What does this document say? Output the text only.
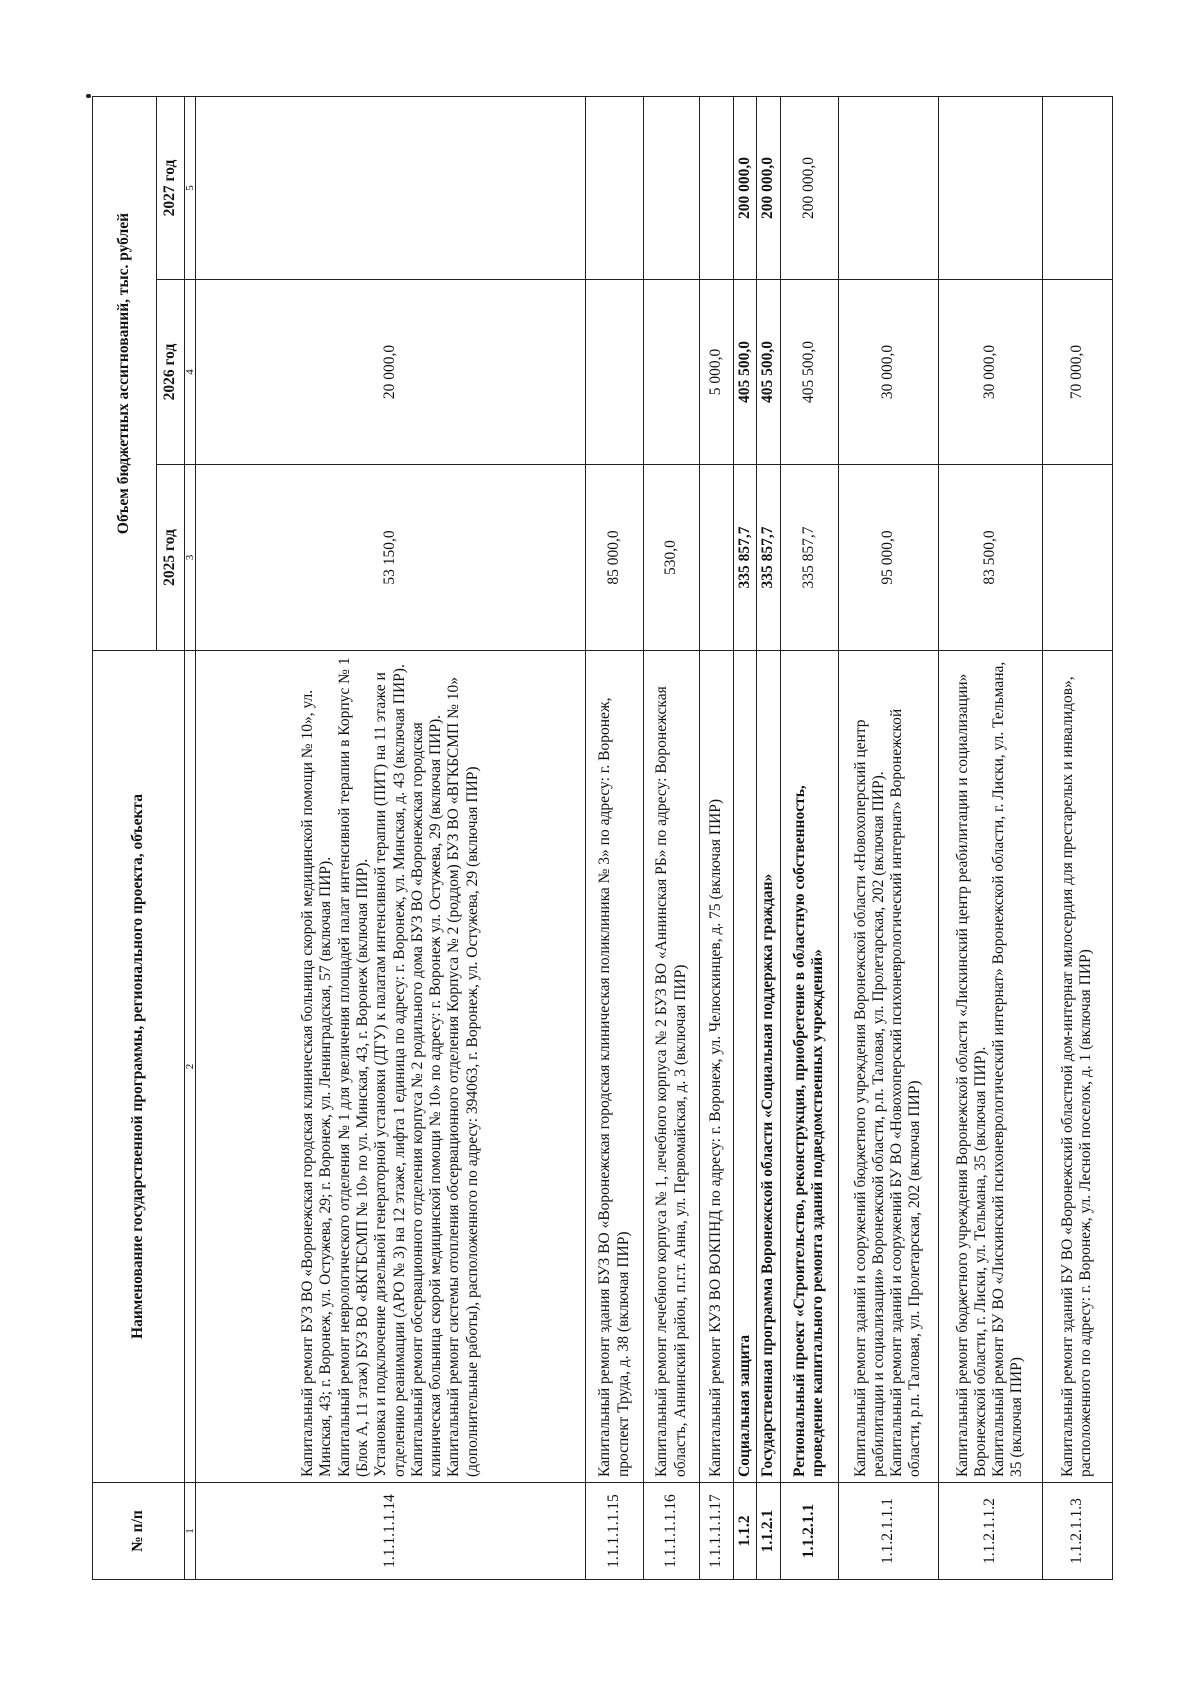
№ п/п	Наименование государственной программы, регионального проекта, объекта	Объем бюджетных ассигнований, тыс. рублей		
		2025 год	2026 год	2027 год
1	2	3	4	5
1.1.1.1.1.14	Капитальный ремонт БУЗ ВО «Воронежская городская клиническая больница скорой медицинской помощи № 10», ул. Минская, 43; г. Воронеж, ул. Остужева, 29; г. Воронеж, ул. Ленинградская, 57 (включая ПИР). Капитальный ремонт неврологического отделения № 1 для увеличения площадей палат интенсивной терапии в Корпус № 1 (Блок А, 11 этаж) БУЗ ВО «ВКГБСМП № 10» по ул. Минская, 43, г. Воронеж (включая ПИР). Установка и подключение дизельной генераторной установки (ДГУ) к палатам интенсивной терапии (ПИТ) на 11 этаже и отделению реанимации (АРО № 3) на 12 этаже, лифта 1 единица по адресу: г. Воронеж, ул. Минская, д. 43 (включая ПИР). Капитальный ремонт обсервационного отделения корпуса № 2 родильного дома БУЗ ВО «Воронежская городская клиническая больница скорой медицинской помощи № 10» по адресу: г. Воронеж ул. Остужева, 29 (включая ПИР). Капитальный ремонт системы отопления обсервационного отделения Корпуса № 2 (роддом) БУЗ ВО «ВГКБСМП № 10» (дополнительные работы), расположенного по адресу: 394063, г. Воронеж, ул. Остужева, 29 (включая ПИР)	53 150,0	20 000,0	
1.1.1.1.1.15	Капитальный ремонт здания БУЗ ВО «Воронежская городская клиническая поликлиника № 3» по адресу: г. Воронеж, проспект Труда, д. 38 (включая ПИР)	85 000,0		
1.1.1.1.1.16	Капитальный ремонт лечебного корпуса № 1, лечебного корпуса № 2 БУЗ ВО «Аннинская РБ» по адресу: Воронежская область, Аннинский район, п.г.т. Анна, ул. Первомайская, д. 3 (включая ПИР)	530,0		
1.1.1.1.1.17	Капитальный ремонт КУЗ ВО ВОКПНД по адресу: г. Воронеж, ул. Челюскинцев, д. 75 (включая ПИР)		5 000,0	
1.1.2	Социальная защита	335 857,7	405 500,0	200 000,0
1.1.2.1	Государственная программа Воронежской области «Социальная поддержка граждан»	335 857,7	405 500,0	200 000,0
1.1.2.1.1	Региональный проект «Строительство, реконструкция, приобретение в областную собственность, проведение капитального ремонта зданий подведомственных учреждений»	335 857,7	405 500,0	200 000,0
1.1.2.1.1.1	Капитальный ремонт зданий и сооружений бюджетного учреждения Воронежской области «Новохоперский центр реабилитации и социализации» Воронежской области, р.п. Таловая, ул. Пролетарская, 202 (включая ПИР). Капитальный ремонт зданий и сооружений БУ ВО «Новохоперский психоневрологический интернат» Воронежской области, р.п. Таловая, ул. Пролетарская, 202 (включая ПИР)	95 000,0	30 000,0	
1.1.2.1.1.2	Капитальный ремонт бюджетного учреждения Воронежской области «Лискинский центр реабилитации и социализации» Воронежской области, г. Лиски, ул. Тельмана, 35 (включая ПИР). Капитальный ремонт БУ ВО «Лискинский психоневрологический интернат» Воронежской области, г. Лиски, ул. Тельмана, 35 (включая ПИР)	83 500,0	30 000,0	
1.1.2.1.1.3	Капитальный ремонт зданий БУ ВО «Воронежский областной дом-интернат милосердия для престарелых и инвалидов», расположенного по адресу: г. Воронеж, ул. Лесной поселок, д. 1 (включая ПИР)		70 000,0	
